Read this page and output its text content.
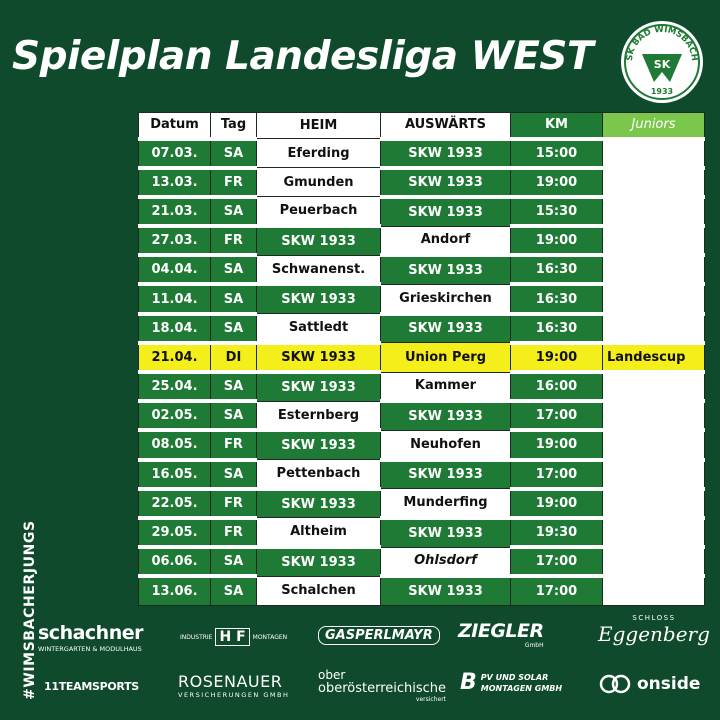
Spielplan Landesliga WEST	SK BAD WIMSBACH
SK
1933
#WIMSBACHERJUNGS
Datum	Tag	HEIM	AUSWÄRTS	KM	Juniors
07.03.	SA	Eferding	SKW 1933	15:00	
13.03.	FR	Gmunden	SKW 1933	19:00	
21.03.	SA	Peuerbach	SKW 1933	15:30	
27.03.	FR	SKW 1933	Andorf	19:00	
04.04.	SA	Schwanenst.	SKW 1933	16:30	
11.04.	SA	SKW 1933	Grieskirchen	16:30	
18.04.	SA	Sattledt	SKW 1933	16:30	
21.04.	DI	SKW 1933	Union Perg	19:00	Landescup
25.04.	SA	SKW 1933	Kammer	16:00	
02.05.	SA	Esternberg	SKW 1933	17:00	
08.05.	FR	SKW 1933	Neuhofen	19:00	
16.05.	SA	Pettenbach	SKW 1933	17:00	
22.05.	FR	SKW 1933	Munderfing	19:00	
29.05.	FR	Altheim	SKW 1933	19:30	
06.06.	SA	SKW 1933	Ohlsdorf	17:00	
13.06.	SA	Schalchen	SKW 1933	17:00	
schachner
WINTERGARTEN & MODULHAUS
INDUSTRIE H F	MONTAGEN	GASPERLMAYR	ZIEGLER
GmbH
SCHLOSS
Eggenberg
11TEAMSPORTS ROSENAUER
VERSICHERUNGEN GMBH
ober
oberösterreichische
versichert
B PV UND SOLAR
MONTAGEN GMBH	onside
